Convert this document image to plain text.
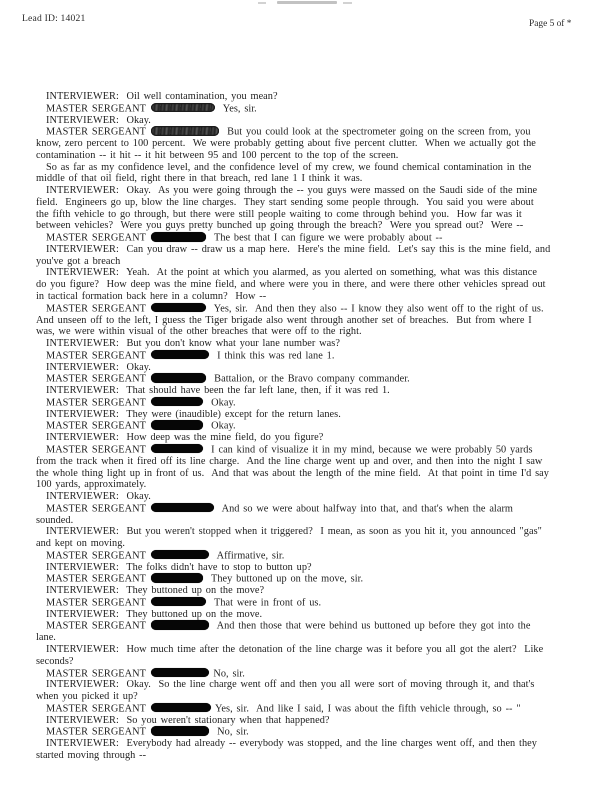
Lead ID: 14021	Page 5 of *
INTERVIEWER:  Oil well contamination, you mean?
MASTER SERGEANT	Yes, sir.
INTERVIEWER:  Okay.
MASTER SERGEANT	But you could look at the spectrometer going on the screen from, you
know, zero percent to 100 percent.  We were probably getting about five percent clutter.  When we actually got the
contamination -- it hit -- it hit between 95 and 100 percent to the top of the screen.
So as far as my confidence level, and the confidence level of my crew, we found chemical contamination in the
middle of that oil field, right there in that breach, red lane 1 I think it was.
INTERVIEWER:  Okay.  As you were going through the -- you guys were massed on the Saudi side of the mine
field.  Engineers go up, blow the line charges.  They start sending some people through.  You said you were about
the fifth vehicle to go through, but there were still people waiting to come through behind you.  How far was it
between vehicles?  Were you guys pretty bunched up going through the breach?  Were you spread out?  Were --
MASTER SERGEANT	The best that I can figure we were probably about --
INTERVIEWER:  Can you draw -- draw us a map here.  Here's the mine field.  Let's say this is the mine field, and
you've got a breach
INTERVIEWER:  Yeah.  At the point at which you alarmed, as you alerted on something, what was this distance
do you figure?  How deep was the mine field, and where were you in there, and were there other vehicles spread out
in tactical formation back here in a column?  How --
MASTER SERGEANT	Yes, sir.  And then they also -- I know they also went off to the right of us.
And unseen off to the left, I guess the Tiger brigade also went through another set of breaches.  But from where I
was, we were within visual of the other breaches that were off to the right.
INTERVIEWER:  But you don't know what your lane number was?
MASTER SERGEANT	I think this was red lane 1.
INTERVIEWER:  Okay.
MASTER SERGEANT	Battalion, or the Bravo company commander.
INTERVIEWER:  That should have been the far left lane, then, if it was red 1.
MASTER SERGEANT	Okay.
INTERVIEWER:  They were (inaudible) except for the return lanes.
MASTER SERGEANT	Okay.
INTERVIEWER:  How deep was the mine field, do you figure?
MASTER SERGEANT	I can kind of visualize it in my mind, because we were probably 50 yards
from the track when it fired off its line charge.  And the line charge went up and over, and then into the night I saw
the whole thing light up in front of us.  And that was about the length of the mine field.  At that point in time I'd say
100 yards, approximately.
INTERVIEWER:  Okay.
MASTER SERGEANT	And so we were about halfway into that, and that's when the alarm
sounded.
INTERVIEWER:  But you weren't stopped when it triggered?  I mean, as soon as you hit it, you announced "gas"
and kept on moving.
MASTER SERGEANT	Affirmative, sir.
INTERVIEWER:  The folks didn't have to stop to button up?
MASTER SERGEANT	They buttoned up on the move, sir.
INTERVIEWER:  They buttoned up on the move?
MASTER SERGEANT	That were in front of us.
INTERVIEWER:  They buttoned up on the move.
MASTER SERGEANT	And then those that were behind us buttoned up before they got into the
lane.
INTERVIEWER:  How much time after the detonation of the line charge was it before you all got the alert?  Like
seconds?
MASTER SERGEANT	No, sir.
INTERVIEWER:  Okay.  So the line charge went off and then you all were sort of moving through it, and that's
when you picked it up?
MASTER SERGEANT	Yes, sir.  And like I said, I was about the fifth vehicle through, so -- "
INTERVIEWER:  So you weren't stationary when that happened?
MASTER SERGEANT	No, sir.
INTERVIEWER:  Everybody had already -- everybody was stopped, and the line charges went off, and then they
started moving through --
